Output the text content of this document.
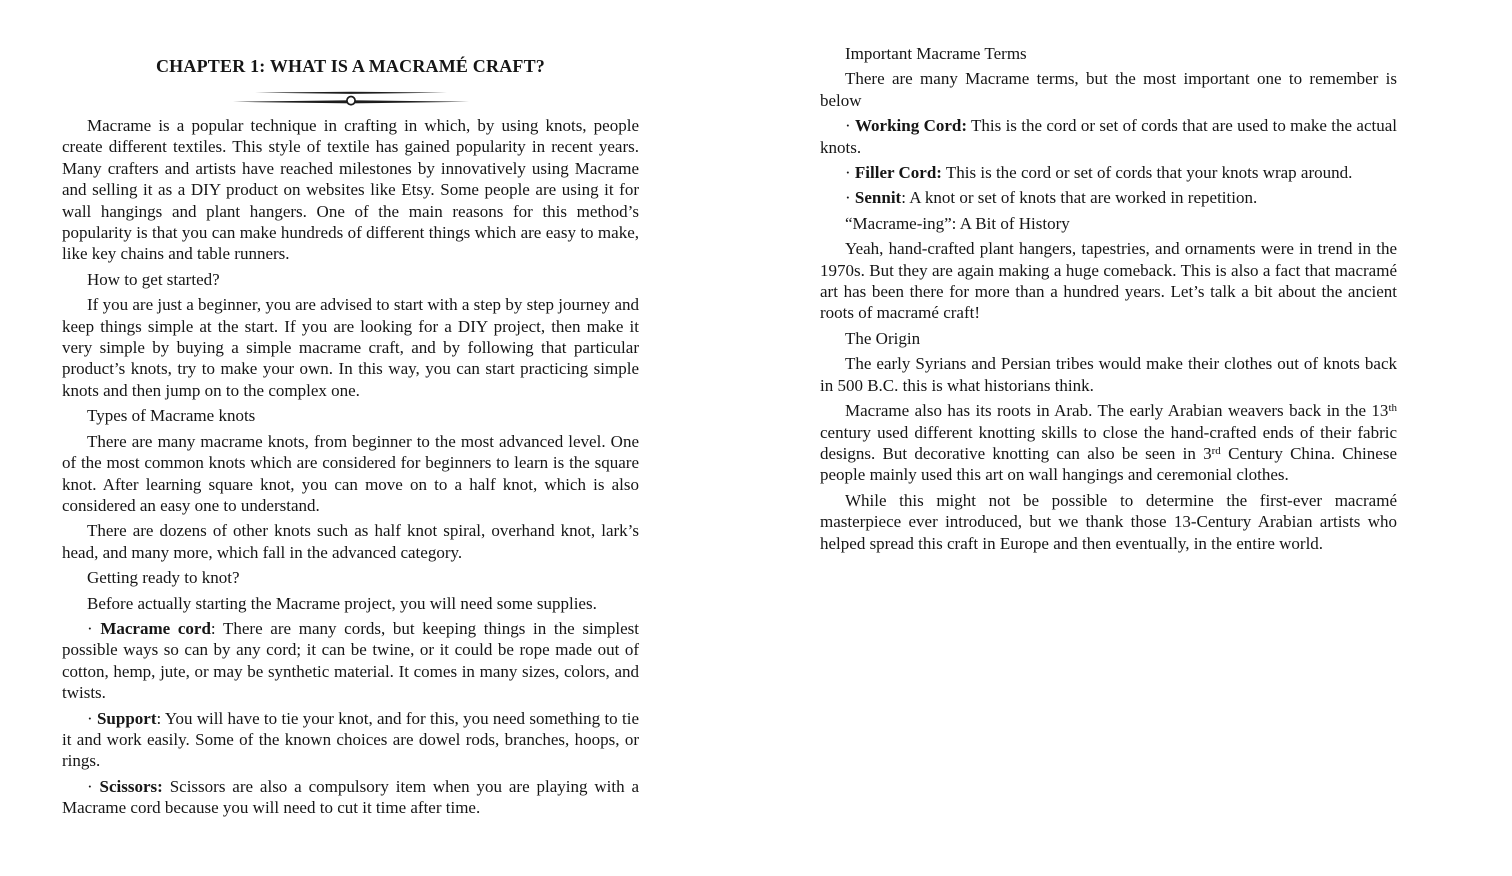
CHAPTER 1: WHAT IS A MACRAMÉ CRAFT?

Macrame is a popular technique in crafting in which, by using knots, people create different textiles. This style of textile has gained popularity in recent years. Many crafters and artists have reached milestones by innovatively using Macrame and selling it as a DIY product on websites like Etsy. Some people are using it for wall hangings and plant hangers. One of the main reasons for this method’s popularity is that you can make hundreds of different things which are easy to make, like key chains and table runners.

How to get started?

If you are just a beginner, you are advised to start with a step by step journey and keep things simple at the start. If you are looking for a DIY project, then make it very simple by buying a simple macrame craft, and by following that particular product’s knots, try to make your own. In this way, you can start practicing simple knots and then jump on to the complex one.

Types of Macrame knots

There are many macrame knots, from beginner to the most advanced level. One of the most common knots which are considered for beginners to learn is the square knot. After learning square knot, you can move on to a half knot, which is also considered an easy one to understand.

There are dozens of other knots such as half knot spiral, overhand knot, lark’s head, and many more, which fall in the advanced category.

Getting ready to knot?

Before actually starting the Macrame project, you will need some supplies.

· Macrame cord: There are many cords, but keeping things in the simplest possible ways so can by any cord; it can be twine, or it could be rope made out of cotton, hemp, jute, or may be synthetic material. It comes in many sizes, colors, and twists.

· Support: You will have to tie your knot, and for this, you need something to tie it and work easily. Some of the known choices are dowel rods, branches, hoops, or rings.

· Scissors: Scissors are also a compulsory item when you are playing with a Macrame cord because you will need to cut it time after time.

Important Macrame Terms

There are many Macrame terms, but the most important one to remember is below

· Working Cord: This is the cord or set of cords that are used to make the actual knots.

· Filler Cord: This is the cord or set of cords that your knots wrap around.

· Sennit: A knot or set of knots that are worked in repetition.

“Macrame-ing”: A Bit of History

Yeah, hand-crafted plant hangers, tapestries, and ornaments were in trend in the 1970s. But they are again making a huge comeback. This is also a fact that macramé art has been there for more than a hundred years. Let’s talk a bit about the ancient roots of macramé craft!

The Origin

The early Syrians and Persian tribes would make their clothes out of knots back in 500 B.C. this is what historians think.

Macrame also has its roots in Arab. The early Arabian weavers back in the 13th century used different knotting skills to close the hand-crafted ends of their fabric designs. But decorative knotting can also be seen in 3rd Century China. Chinese people mainly used this art on wall hangings and ceremonial clothes.

While this might not be possible to determine the first-ever macramé masterpiece ever introduced, but we thank those 13-Century Arabian artists who helped spread this craft in Europe and then eventually, in the entire world.
